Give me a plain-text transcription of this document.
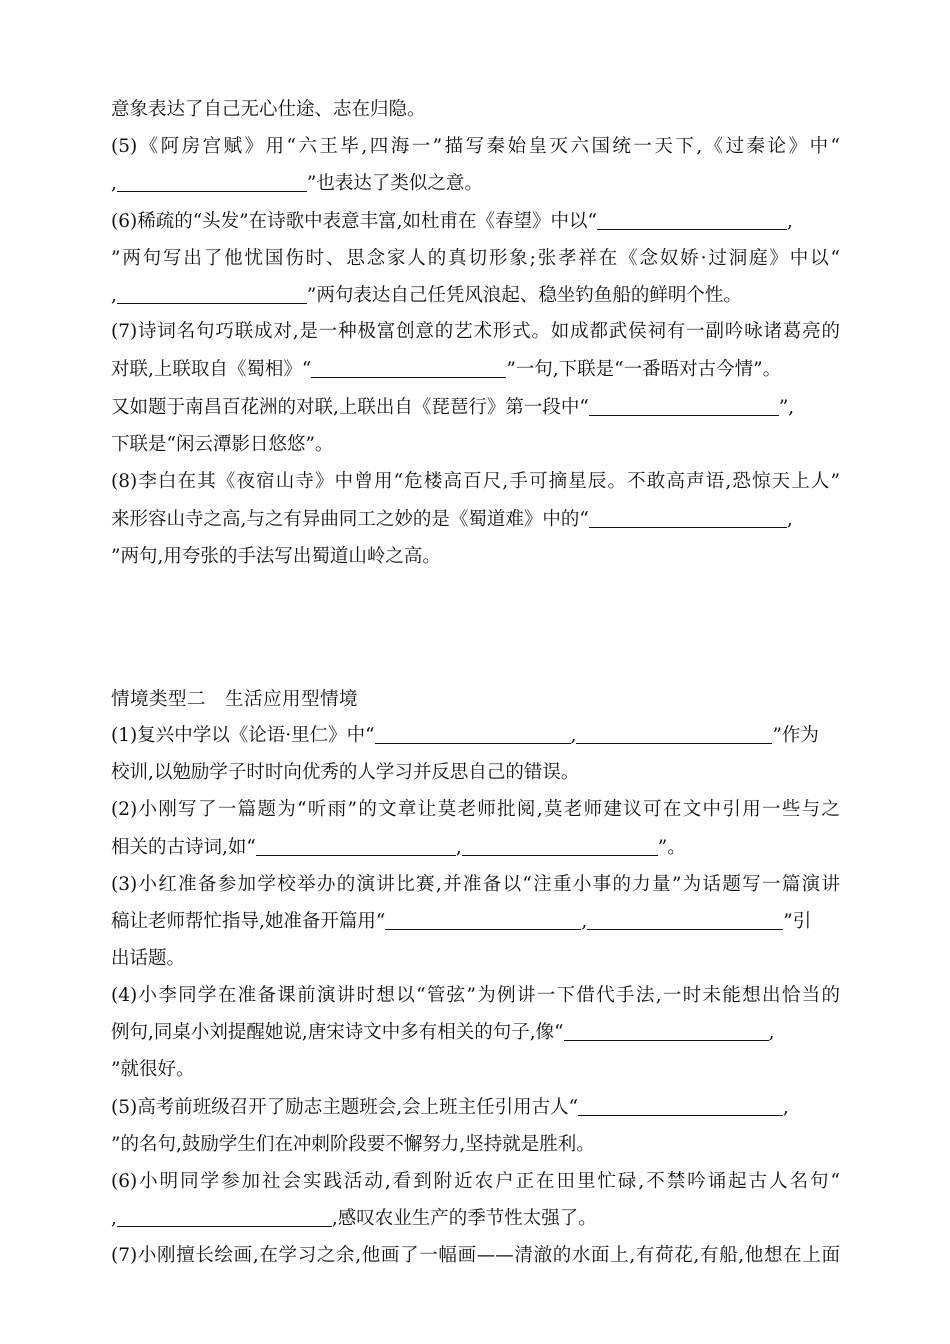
意象表达了自己无心仕途、志在归隐。
(5)《阿房宫赋》用“六王毕,四海一”描写秦始皇灭六国统一天下,《过秦论》中“
,	”也表达了类似之意。
(6)稀疏的“头发”在诗歌中表意丰富,如杜甫在《春望》中以“	,
”两句写出了他忧国伤时、思念家人的真切形象;张孝祥在《念奴娇·过洞庭》中以“
,	”两句表达自己任凭风浪起、稳坐钓鱼船的鲜明个性。
(7)诗词名句巧联成对,是一种极富创意的艺术形式。如成都武侯祠有一副吟咏诸葛亮的
对联,上联取自《蜀相》“	”一句,下联是“一番晤对古今情”。
又如题于南昌百花洲的对联,上联出自《琵琶行》第一段中“	”,
下联是“闲云潭影日悠悠”。
(8)李白在其《夜宿山寺》中曾用“危楼高百尺,手可摘星辰。不敢高声语,恐惊天上人”
来形容山寺之高,与之有异曲同工之妙的是《蜀道难》中的“	,
”两句,用夸张的手法写出蜀道山岭之高。
情境类型二　生活应用型情境
(1)复兴中学以《论语·里仁》中“	,	”作为
校训,以勉励学子时时向优秀的人学习并反思自己的错误。
(2)小刚写了一篇题为“听雨”的文章让莫老师批阅,莫老师建议可在文中引用一些与之
相关的古诗词,如“	,	”。
(3)小红准备参加学校举办的演讲比赛,并准备以“注重小事的力量”为话题写一篇演讲
稿让老师帮忙指导,她准备开篇用“	,	”引
出话题。
(4)小李同学在准备课前演讲时想以“管弦”为例讲一下借代手法,一时未能想出恰当的
例句,同桌小刘提醒她说,唐宋诗文中多有相关的句子,像“	,
”就很好。
(5)高考前班级召开了励志主题班会,会上班主任引用古人“	,
”的名句,鼓励学生们在冲刺阶段要不懈努力,坚持就是胜利。
(6)小明同学参加社会实践活动,看到附近农户正在田里忙碌,不禁吟诵起古人名句“
,	,感叹农业生产的季节性太强了。
(7)小刚擅长绘画,在学习之余,他画了一幅画——清澈的水面上,有荷花,有船,他想在上面
